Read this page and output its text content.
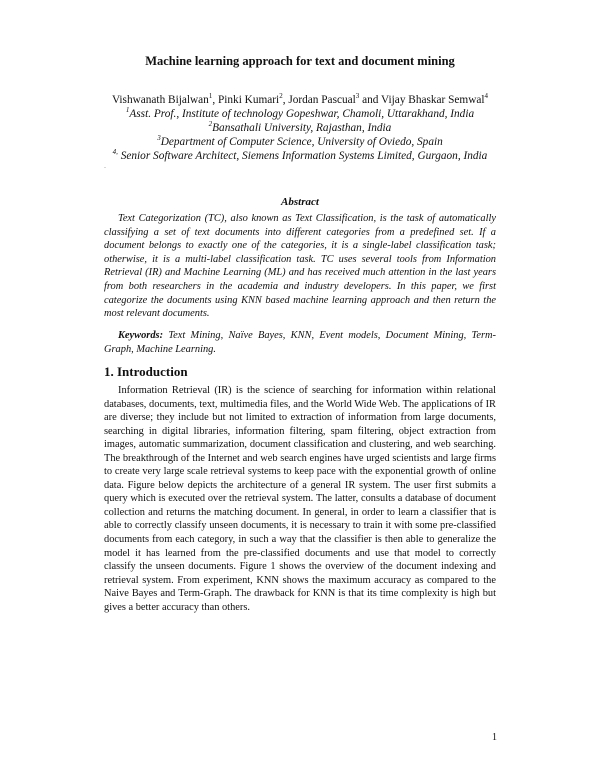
Machine learning approach for text and document mining
Vishwanath Bijalwan$^1$, Pinki Kumari$^2$, Jordan Pascual$^3$ and Vijay Bhaskar Semwal$^4$
$^1$Asst. Prof., Institute of technology Gopeshwar, Chamoli, Uttarakhand, India
$^2$Bansathali University, Rajasthan, India
$^3$Department of Computer Science, University of Oviedo, Spain
$^{4,}$ Senior Software Architect, Siemens Information Systems Limited, Gurgaon, India
.
Abstract

Text Categorization (TC), also known as Text Classification, is the task of automatically classifying a set of text documents into different categories from a predefined set. If a document belongs to exactly one of the categories, it is a single-label classification task; otherwise, it is a multi-label classification task. TC uses several tools from Information Retrieval (IR) and Machine Learning (ML) and has received much attention in the last years from both researchers in the academia and industry developers. In this paper, we first categorize the documents using KNN based machine learning approach and then return the most relevant documents.

Keywords: Text Mining, Naïve Bayes, KNN, Event models, Document Mining, Term-Graph, Machine Learning.

1. Introduction

Information Retrieval (IR) is the science of searching for information within relational databases, documents, text, multimedia files, and the World Wide Web. The applications of IR are diverse; they include but not limited to extraction of information from large documents, searching in digital libraries, information filtering, spam filtering, object extraction from images, automatic summarization, document classification and clustering, and web searching. The breakthrough of the Internet and web search engines have urged scientists and large firms to create very large scale retrieval systems to keep pace with the exponential growth of online data. Figure below depicts the architecture of a general IR system. The user first submits a query which is executed over the retrieval system. The latter, consults a database of document collection and returns the matching document. In general, in order to learn a classifier that is able to correctly classify unseen documents, it is necessary to train it with some pre-classified documents from each category, in such a way that the classifier is then able to generalize the model it has learned from the pre-classified documents and use that model to correctly classify the unseen documents. Figure 1 shows the overview of the document indexing and retrieval system. From experiment, KNN shows the maximum accuracy as compared to the Naive Bayes and Term-Graph. The drawback for KNN is that its time complexity is high but gives a better accuracy than others.

1
